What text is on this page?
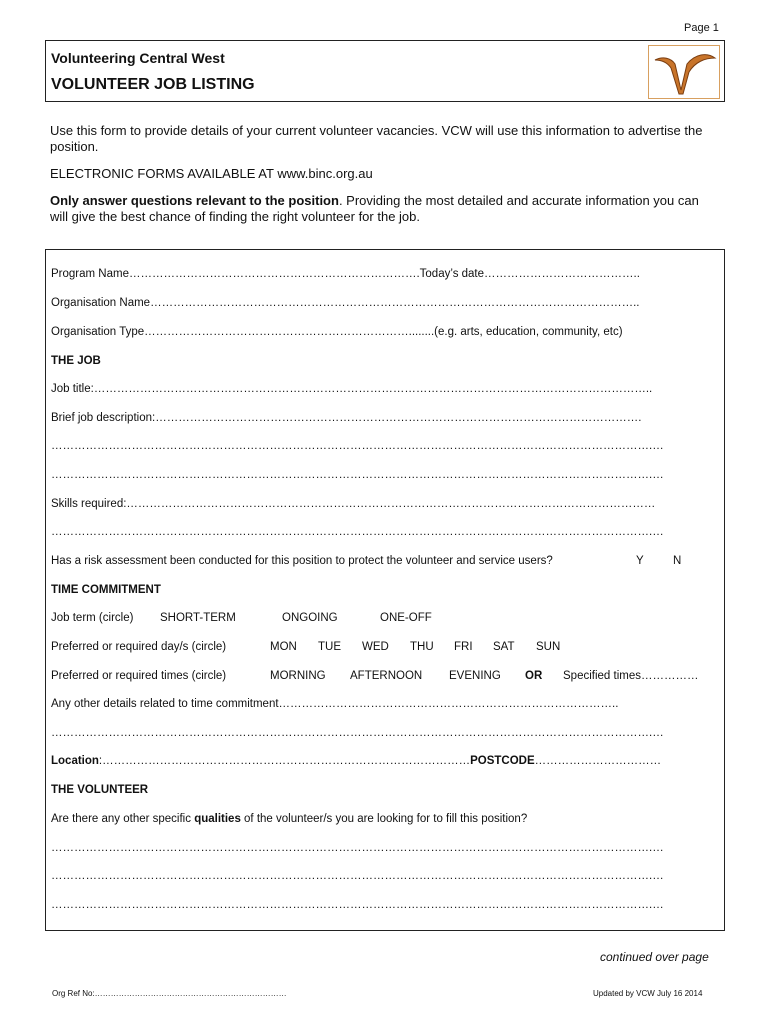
Page 1
Volunteering Central West
VOLUNTEER JOB LISTING
Use this form to provide details of your current volunteer vacancies. VCW will use this information to advertise the position.
ELECTRONIC FORMS AVAILABLE AT www.binc.org.au
Only answer questions relevant to the position. Providing the most detailed and accurate information you can will give the best chance of finding the right volunteer for the job.
Program Name………………………………………………………………….Today’s date…………………………………..
Organisation Name………………………………………………………………………………………………………………..
Organisation Type……………………………………………………………........(e.g. arts, education, community, etc)
THE JOB
Job title:………………………………………………………………………………………………………………………………..
Brief job description:……………………………………………………………………………………………………………….
………………………………………………………………………………………………………………………………………….…
………………………………………………………………………………………………………………………………………….…
Skills required:…………………………………………………………………………………………………………………………
………………………………………………………………………………………………………………………………………….…
Has a risk assessment been conducted for this position to protect the volunteer and service users?	Y	N
TIME COMMITMENT
Job term (circle) SHORT-TERM	ONGOING	ONE-OFF
Preferred or required day/s (circle)	MON TUE WED THU FRI SAT SUN
Preferred or required times (circle)	MORNING AFTERNOON EVENING OR Specified times……………
Any other details related to time commitment……………………………………………………………………………..
………………………………………………………………………………………………………………………………………….…
Location:……………………………………………………………………………………POSTCODE……………………………
THE VOLUNTEER
Are there any other specific qualities of the volunteer/s you are looking for to fill this position?
………………………………………………………………………………………………………………………………………….…
………………………………………………………………………………………………………………………………………….…
………………………………………………………………………………………………………………………………………….…
continued over page
Org Ref No:………………………………………………………………	Updated by VCW July 16 2014
